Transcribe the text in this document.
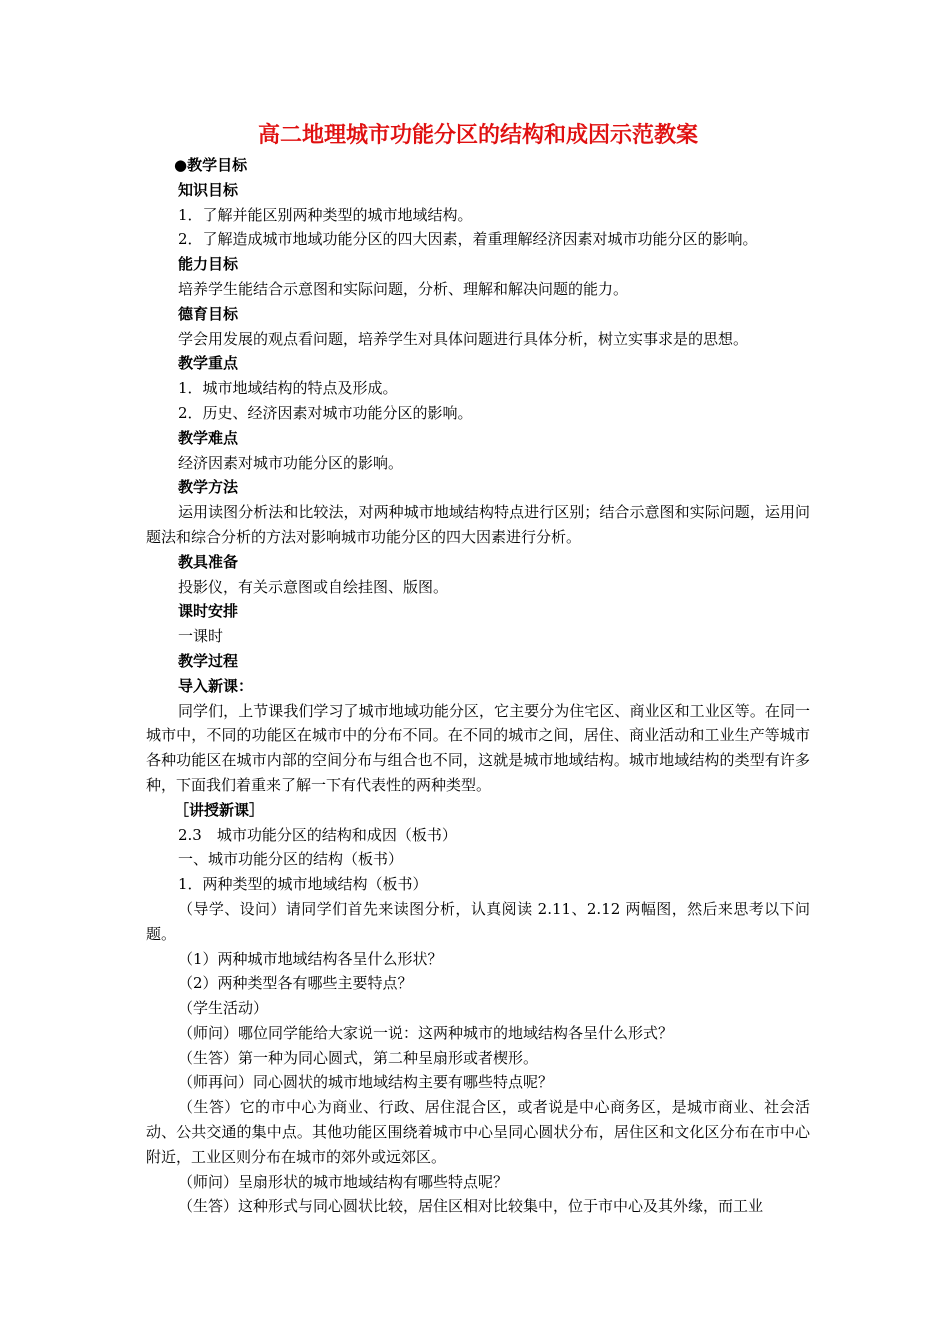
高二地理城市功能分区的结构和成因示范教案
●教学目标
知识目标
1．了解并能区别两种类型的城市地域结构。
2．了解造成城市地域功能分区的四大因素，着重理解经济因素对城市功能分区的影响。
能力目标
培养学生能结合示意图和实际问题，分析、理解和解决问题的能力。
德育目标
学会用发展的观点看问题，培养学生对具体问题进行具体分析，树立实事求是的思想。
教学重点
1．城市地域结构的特点及形成。
2．历史、经济因素对城市功能分区的影响。
教学难点
经济因素对城市功能分区的影响。
教学方法

运用读图分析法和比较法，对两种城市地域结构特点进行区别；结合示意图和实际问题，运用问题法和综合分析的方法对影响城市功能分区的四大因素进行分析。

教具准备
投影仪，有关示意图或自绘挂图、版图。
课时安排
一课时
教学过程
导入新课：

同学们，上节课我们学习了城市地域功能分区，它主要分为住宅区、商业区和工业区等。在同一城市中，不同的功能区在城市中的分布不同。在不同的城市之间，居住、商业活动和工业生产等城市各种功能区在城市内部的空间分布与组合也不同，这就是城市地域结构。城市地域结构的类型有许多种，下面我们着重来了解一下有代表性的两种类型。

［讲授新课］
2.3　城市功能分区的结构和成因（板书）
一、城市功能分区的结构（板书）
1．两种类型的城市地域结构（板书）

（导学、设问）请同学们首先来读图分析，认真阅读 2.11、2.12 两幅图，然后来思考以下问题。

（1）两种城市地域结构各呈什么形状？
（2）两种类型各有哪些主要特点？
（学生活动）
（师问）哪位同学能给大家说一说：这两种城市的地域结构各呈什么形式？
（生答）第一种为同心圆式，第二种呈扇形或者楔形。
（师再问）同心圆状的城市地域结构主要有哪些特点呢？

（生答）它的市中心为商业、行政、居住混合区，或者说是中心商务区，是城市商业、社会活动、公共交通的集中点。其他功能区围绕着城市中心呈同心圆状分布，居住区和文化区分布在市中心附近，工业区则分布在城市的郊外或远郊区。

（师问）呈扇形状的城市地域结构有哪些特点呢？
（生答）这种形式与同心圆状比较，居住区相对比较集中，位于市中心及其外缘，而工业
